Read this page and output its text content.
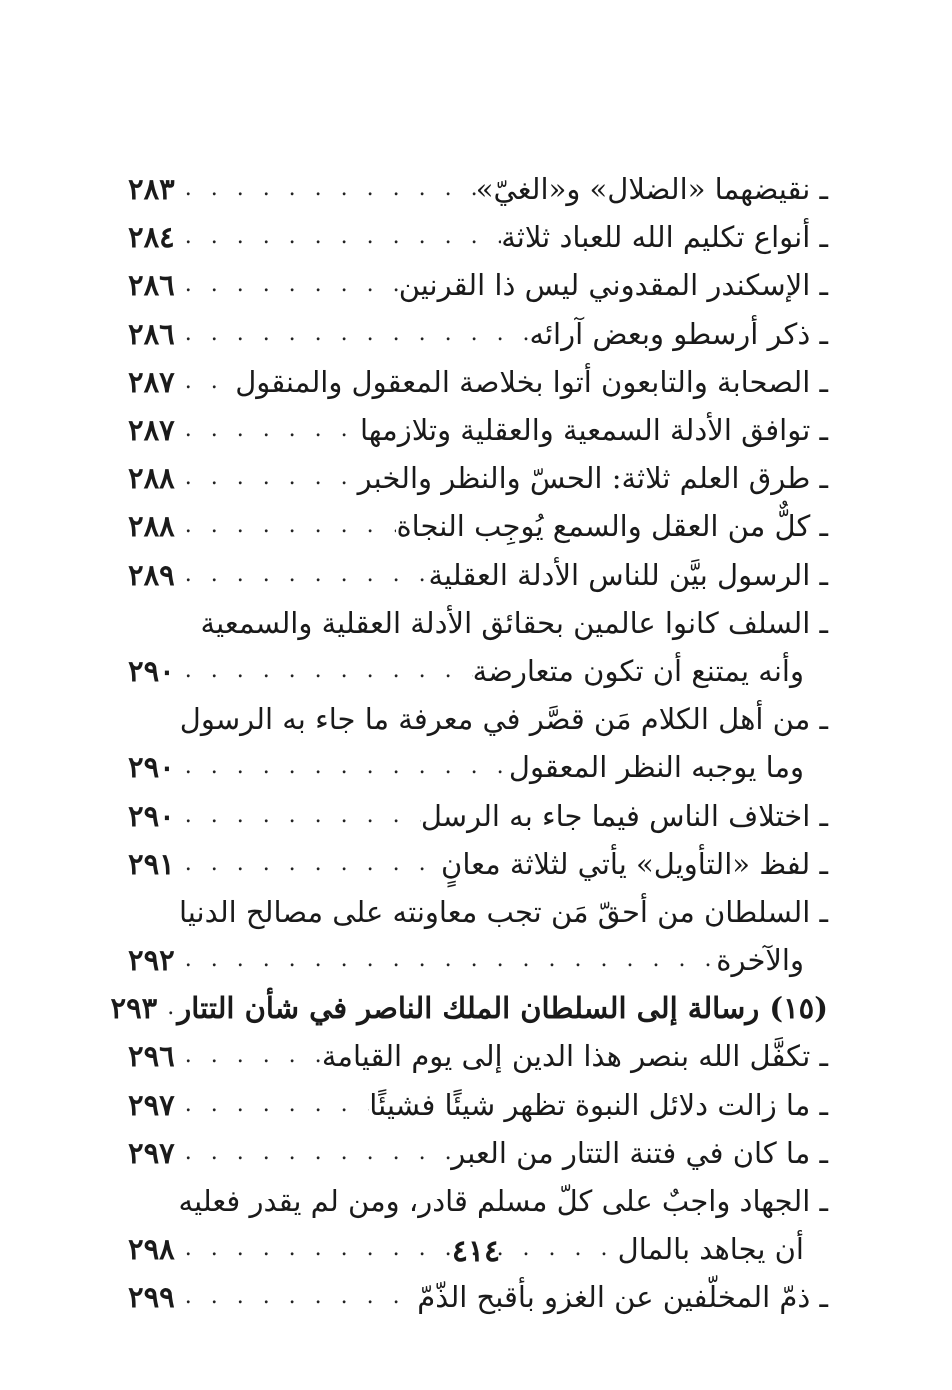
ـ نقيضهما «الضلال» و«الغيّ»
. . .
٢٨٣
ـ أنواع تكليم الله للعباد ثلاثة
. . .
٢٨٤
ـ الإسكندر المقدوني ليس ذا القرنين
. . .
٢٨٦
ـ ذكر أرسطو وبعض آرائه
. . .
٢٨٦
ـ الصحابة والتابعون أتوا بخلاصة المعقول والمنقول
. . .
٢٨٧
ـ توافق الأدلة السمعية والعقلية وتلازمها
. . .
٢٨٧
ـ طرق العلم ثلاثة: الحسّ والنظر والخبر
. . .
٢٨٨
ـ كلٌّ من العقل والسمع يُوجِب النجاة
. . .
٢٨٨
ـ الرسول بيَّن للناس الأدلة العقلية
. . .
٢٨٩
ـ السلف كانوا عالمين بحقائق الأدلة العقلية والسمعية
وأنه يمتنع أن تكون متعارضة
. . .
٢٩٠
ـ من أهل الكلام مَن قصَّر في معرفة ما جاء به الرسول
وما يوجبه النظر المعقول
. . .
٢٩٠
ـ اختلاف الناس فيما جاء به الرسل
. . .
٢٩٠
ـ لفظ «التأويل» يأتي لثلاثة معانٍ
. . .
٢٩١
ـ السلطان من أحقّ مَن تجب معاونته على مصالح الدنيا
والآخرة
. . .
٢٩٢
(١٥) رسالة إلى السلطان الملك الناصر في شأن التتار
. . .
٢٩٣
ـ تكفَّل الله بنصر هذا الدين إلى يوم القيامة
. . .
٢٩٦
ـ ما زالت دلائل النبوة تظهر شيئًا فشيئًا
. . .
٢٩٧
ـ ما كان في فتنة التتار من العبر
. . .
٢٩٧
ـ الجهاد واجبٌ على كلّ مسلم قادر، ومن لم يقدر فعليه
أن يجاهد بالمال
. . .
٢٩٨
ـ ذمّ المخلّفين عن الغزو بأقبح الذّمّ
. . .
٢٩٩
٤١٤
